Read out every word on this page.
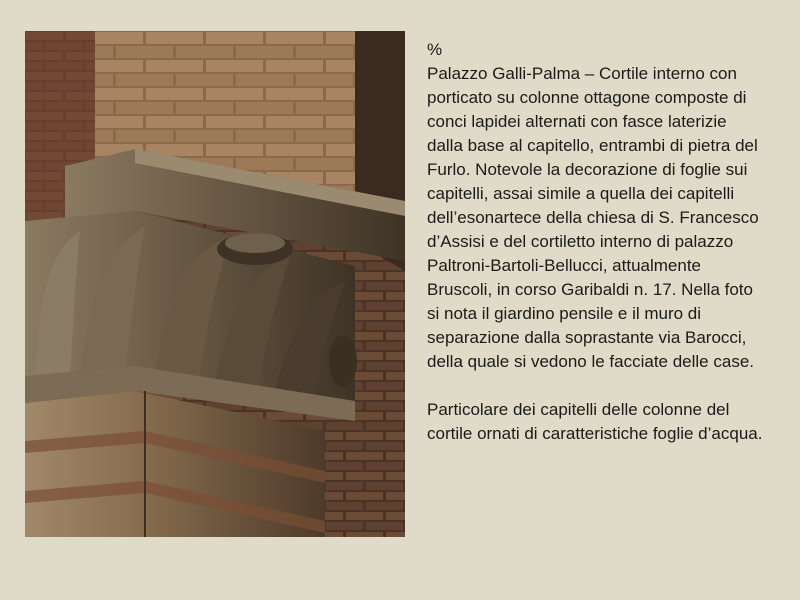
%

Palazzo Galli-Palma – Cortile interno con porticato su colonne ottagone composte di conci lapidei alternati con fasce laterizie dalla base al capitello, entrambi di pietra del Furlo. Notevole la decorazione di foglie sui capitelli, assai simile a quella dei capitelli dell’esonartece della chiesa di S. Francesco d’Assisi e del cortiletto interno di palazzo Paltroni-Bartoli-Bellucci, attualmente Bruscoli, in corso Garibaldi n. 17. Nella foto si nota il giardino pensile e il muro di separazione dalla soprastante via Barocci, della quale si vedono le facciate delle case.

Particolare dei capitelli delle colonne del cortile ornati di caratteristiche foglie d’acqua.
